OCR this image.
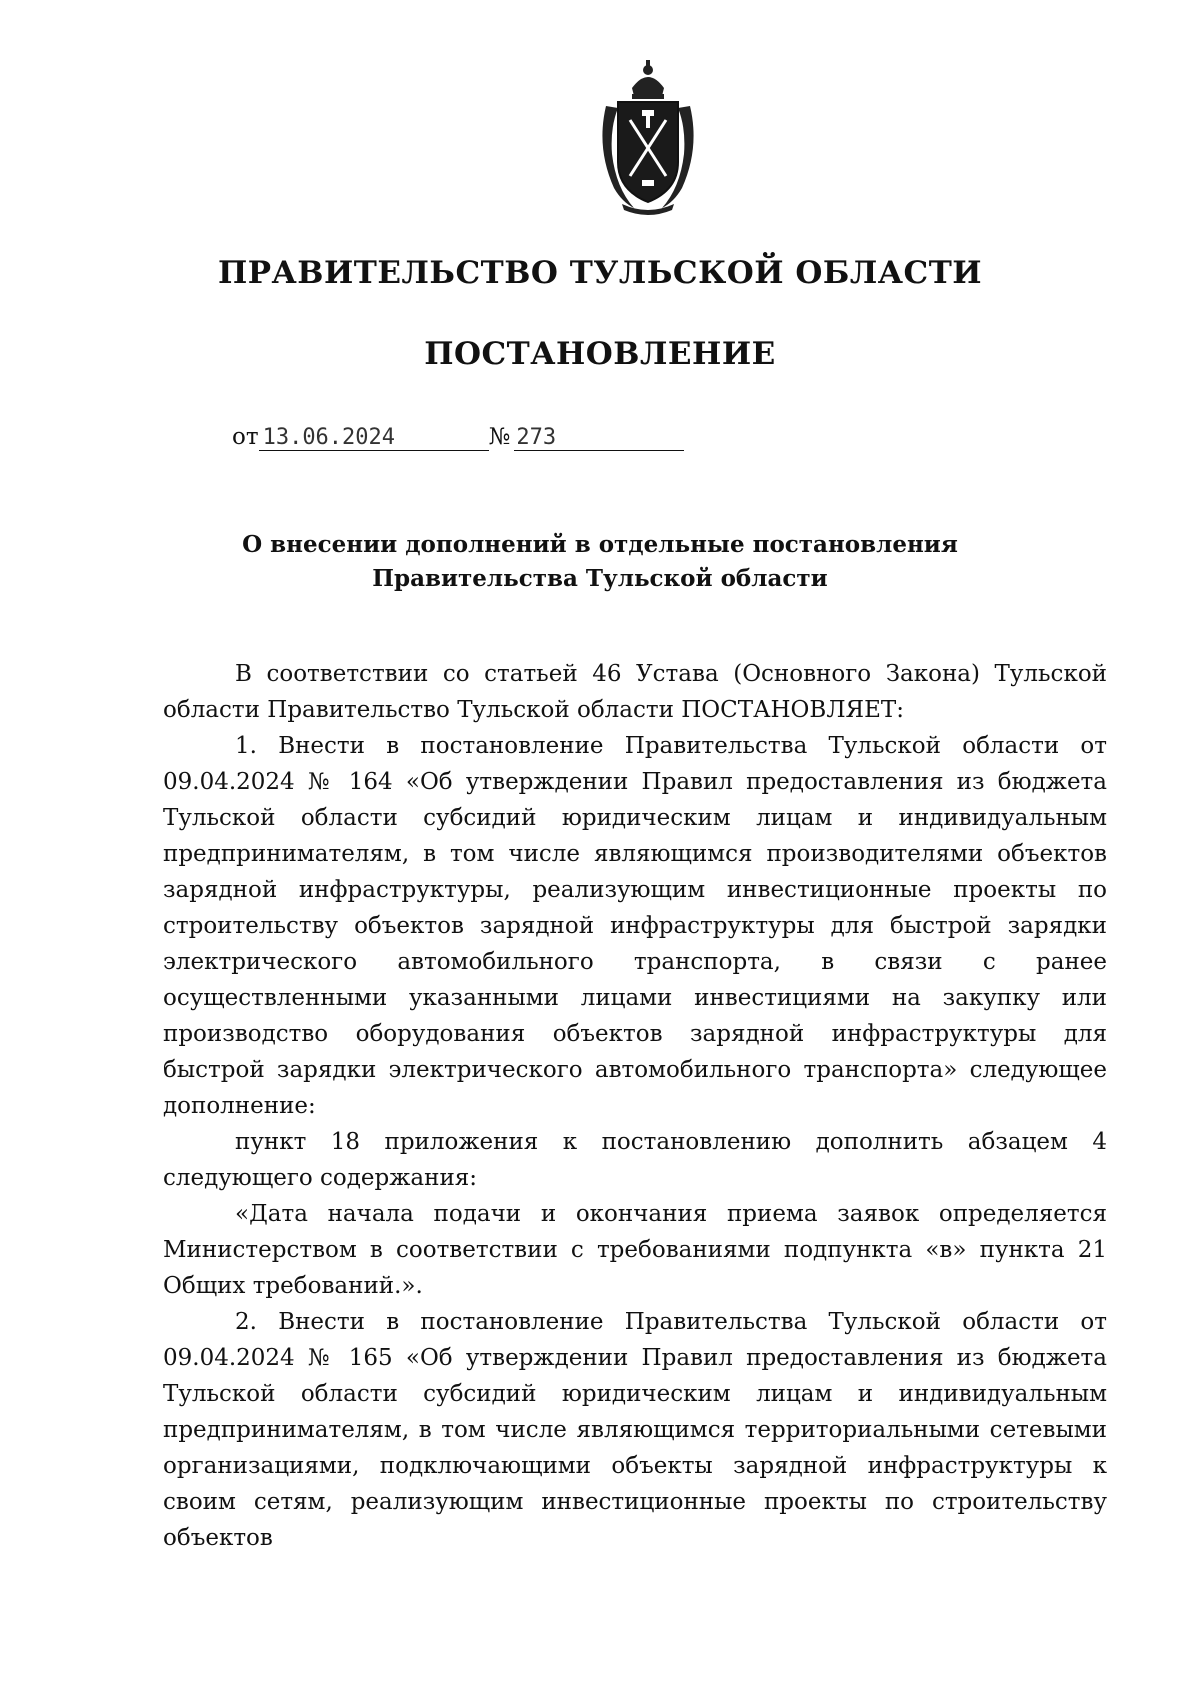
ПРАВИТЕЛЬСТВО ТУЛЬСКОЙ ОБЛАСТИ
ПОСТАНОВЛЕНИЕ
от 13.06.2024	№ 273
О внесении дополнений в отдельные постановления
Правительства Тульской области

В соответствии со статьей 46 Устава (Основного Закона) Тульской области Правительство Тульской области ПОСТАНОВЛЯЕТ:

1. Внести в постановление Правительства Тульской области от 09.04.2024 № 164 «Об утверждении Правил предоставления из бюджета Тульской области субсидий юридическим лицам и индивидуальным предпринимателям, в том числе являющимся производителями объектов зарядной инфраструктуры, реализующим инвестиционные проекты по строительству объектов зарядной инфраструктуры для быстрой зарядки электрического автомобильного транспорта, в связи с ранее осуществленными указанными лицами инвестициями на закупку или производство оборудования объектов зарядной инфраструктуры для быстрой зарядки электрического автомобильного транспорта» следующее дополнение:

пункт 18 приложения к постановлению дополнить абзацем 4 следующего содержания:

«Дата начала подачи и окончания приема заявок определяется Министерством в соответствии с требованиями подпункта «в» пункта 21 Общих требований.».

2. Внести в постановление Правительства Тульской области от 09.04.2024 № 165 «Об утверждении Правил предоставления из бюджета Тульской области субсидий юридическим лицам и индивидуальным предпринимателям, в том числе являющимся территориальными сетевыми организациями, подключающими объекты зарядной инфраструктуры к своим сетям, реализующим инвестиционные проекты по строительству объектов
